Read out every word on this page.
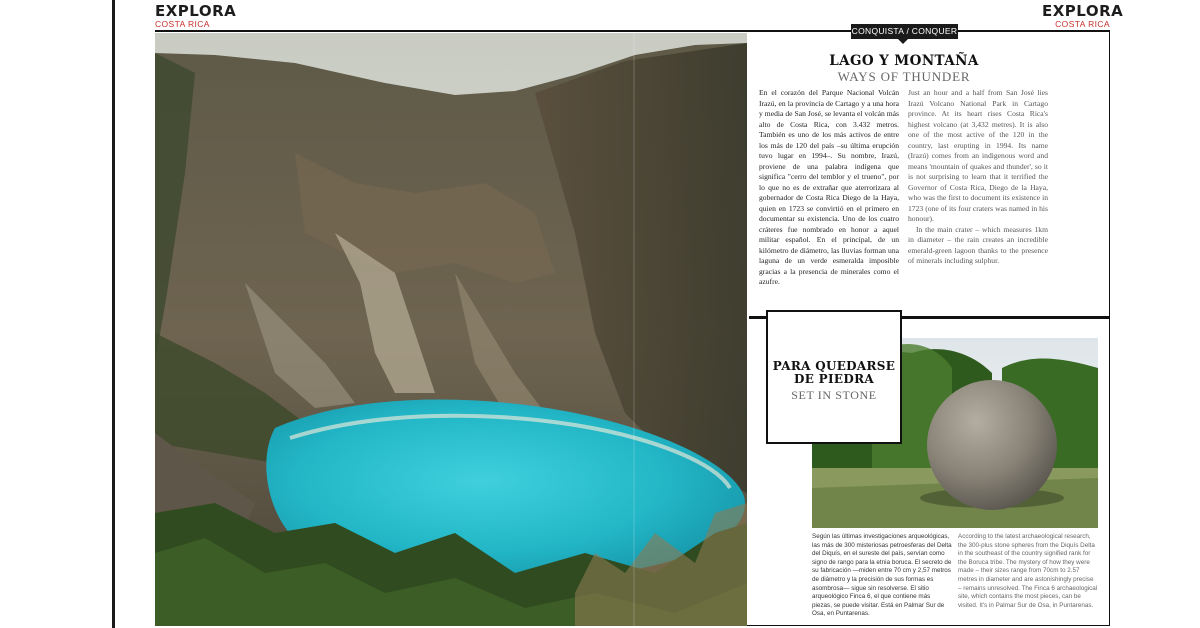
EXPLORA
COSTA RICA
EXPLORA
COSTA RICA
CONQUISTA / CONQUER
LAGO Y MONTAÑA
WAYS OF THUNDER

En el corazón del Parque Nacional Volcán Irazú, en la provincia de Cartago y a una hora y media de San José, se levanta el volcán más alto de Costa Rica, con 3.432 metros. También es uno de los más activos de entre los más de 120 del país –su última erupción tuvo lugar en 1994–. Su nombre, Irazú, proviene de una palabra indígena que significa "cerro del temblor y el trueno", por lo que no es de extrañar que aterrorizara al gobernador de Costa Rica Diego de la Haya, quien en 1723 se convirtió en el primero en documentar su existencia. Uno de los cuatro cráteres fue nombrado en honor a aquel militar español. En el principal, de un kilómetro de diámetro, las lluvias forman una laguna de un verde esmeralda imposible gracias a la presencia de minerales como el azufre.

Just an hour and a half from San José lies Irazú Volcano National Park in Cartago province. At its heart rises Costa Rica's highest volcano (at 3,432 metres). It is also one of the most active of the 120 in the country, last erupting in 1994. Its name (Irazú) comes from an indigenous word and means 'mountain of quakes and thunder', so it is not surprising to learn that it terrified the Governor of Costa Rica, Diego de la Haya, who was the first to document its existence in 1723 (one of its four craters was named in his honour).

In the main crater – which measures 1km in diameter – the rain creates an incredible emerald-green lagoon thanks to the presence of minerals including sulphur.

PARA QUEDARSE DE PIEDRA
SET IN STONE
Según las últimas investigaciones arqueológicas, las más de 300 misteriosas petroesferas del Delta del Diquís, en el sureste del país, servían como signo de rango para la etnia boruca. El secreto de su fabricación —miden entre 70 cm y 2,57 metros de diámetro y la precisión de sus formas es asombrosa— sigue sin resolverse. El sitio arqueológico Finca 6, el que contiene más piezas, se puede visitar. Está en Palmar Sur de Osa, en Puntarenas.
According to the latest archaeological research, the 300-plus stone spheres from the Diquís Delta in the southeast of the country signified rank for the Boruca tribe. The mystery of how they were made – their sizes range from 70cm to 2.57 metres in diameter and are astonishingly precise – remains unresolved. The Finca 6 archaeological site, which contains the most pieces, can be visited. It's in Palmar Sur de Osa, in Puntarenas.
